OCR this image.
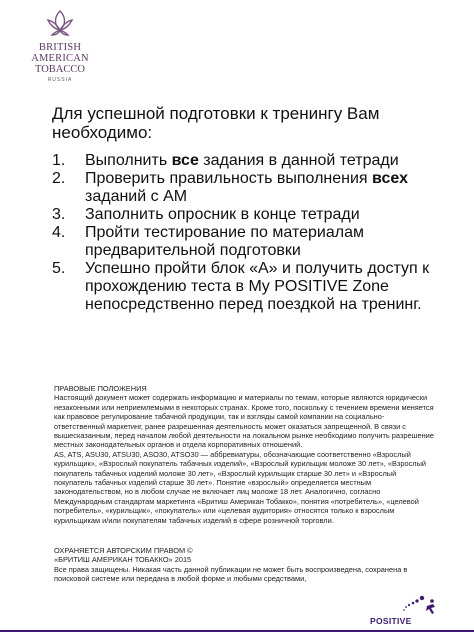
BRITISH AMERICAN
TOBACCO
RUSSIA
Для успешной подготовки к тренингу Вам необходимо:
1.	Выполнить все задания в данной тетради
2.	Проверить правильность выполнения всех заданий с АМ
3.	Заполнить опросник в конце тетради
4.	Пройти тестирование по материалам предварительной подготовки
5.	Успешно пройти блок «А» и получить доступ к прохождению теста в My POSITIVE Zone непосредственно перед поездкой на тренинг.

ПРАВОВЫЕ ПОЛОЖЕНИЯ

Настоящий документ может содержать информацию и материалы по темам, которые являются юридически незаконными или неприемлемыми в некоторых странах. Кроме того, поскольку с течением времени меняется как правовое регулирование табачной продукции, так и взгляды самой компании на социально-ответственный маркетинг, ранее разрешенная деятельность может оказаться запрещенной. В связи с вышесказанным, перед началом любой деятельности на локальном рынке необходимо получить разрешение местных законодательных органов и отдела корпоративных отношений.

AS, ATS, ASU30, ATSU30, ASO30, ATSO30 — аббревиатуры, обозначающие соответственно «Взрослый курильщик», «Взрослый покупатель табачных изделий», «Взрослый курильщик моложе 30 лет», «Взрослый покупатель табачных изделий моложе 30 лет», «Взрослый курильщик старше 30 лет» и «Взрослый покупатель табачных изделий старше 30 лет». Понятие «взрослый» определяется местным законодательством, но в любом случае не включает лиц моложе 18 лет. Аналогично, согласно Международным стандартам маркетинга «Бритиш Американ Тобакко», понятия «потребитель», «целевой потребитель», «курильщик», «покупатель» или «целевая аудитория» относятся только к взрослым курильщикам и/или покупателям табачных изделий в сфере розничной торговли.

ОХРАНЯЕТСЯ АВТОРСКИМ ПРАВОМ ©

«БРИТИШ АМЕРИКАН ТОБАККО» 2015

Все права защищены. Никакая часть данной публикации не может быть воспроизведена, сохранена в поисковой системе или передана в любой форме и любыми средствами,

POSITIVE
